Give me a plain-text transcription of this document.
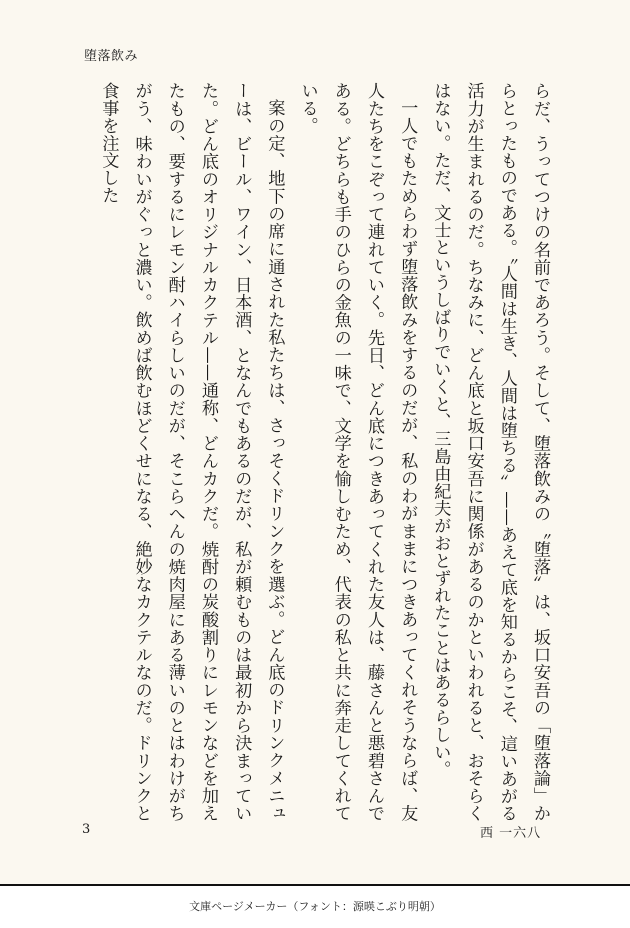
堕落飲み

らだ、うってつけの名前であろう。そして、堕落飲みの〝堕落〟は、坂口安吾の「堕落論」からとったものである。〝人間は生き、人間は堕ちる〟——あえて底を知るからこそ、這いあがる活力が生まれるのだ。ちなみに、どん底と坂口安吾に関係があるのかといわれると、おそらくはない。ただ、文士というしばりでいくと、三島由紀夫がおとずれたことはあるらしい。

一人でもためらわず堕落飲みをするのだが、私のわがままにつきあってくれそうならば、友人たちをこぞって連れていく。先日、どん底につきあってくれた友人は、藤さんと悪碧さんである。どちらも手のひらの金魚の一味で、文学を愉しむため、代表の私と共に奔走してくれている。

案の定、地下の席に通された私たちは、さっそくドリンクを選ぶ。どん底のドリンクメニューは、ビール、ワイン、日本酒、となんでもあるのだが、私が頼むものは最初から決まっていた。どん底のオリジナルカクテル——通称、どんカクだ。焼酎の炭酸割りにレモンなどを加えたもの、要するにレモン酎ハイらしいのだが、そこらへんの焼肉屋にある薄いのとはわけがちがう、味わいがぐっと濃い。飲めば飲むほどくせになる、絶妙なカクテルなのだ。ドリンクと食事を注文した

3	西 一六八
文庫ページメーカー（フォント：源暎こぶり明朝）
